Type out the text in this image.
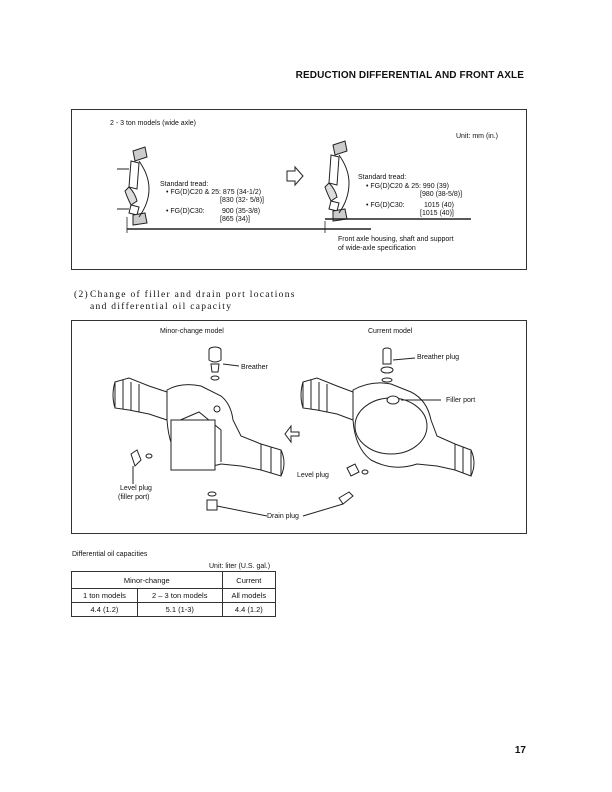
REDUCTION DIFFERENTIAL AND FRONT AXLE
2 - 3 ton models (wide axle)
Unit: mm (in.)
Standard tread:
• FG(D)C20 & 25: 875 (34-1/2)
[830 (32- 5/8)]
• FG(D)C30: 900 (35-3/8)
[865 (34)]
Standard tread:
• FG(D)C20 & 25: 990 (39)
[980 (38-5/8)]
• FG(D)C30:	1015 (40)
[1015 (40)]
Front axle housing, shaft and support
of wide-axle specification
(2) Change of filler and drain port locations and differential oil capacity
Minor-change model	Current model
Breather
Breather plug
Filler port
Level plug
Level plug
(filler port)
Drain plug
Differential oil capacities
Unit: liter (U.S. gal.)
Minor-change		Current
1 ton models	2 – 3 ton models	All models
4.4 (1.2)	5.1 (1-3)	4.4 (1.2)
17
